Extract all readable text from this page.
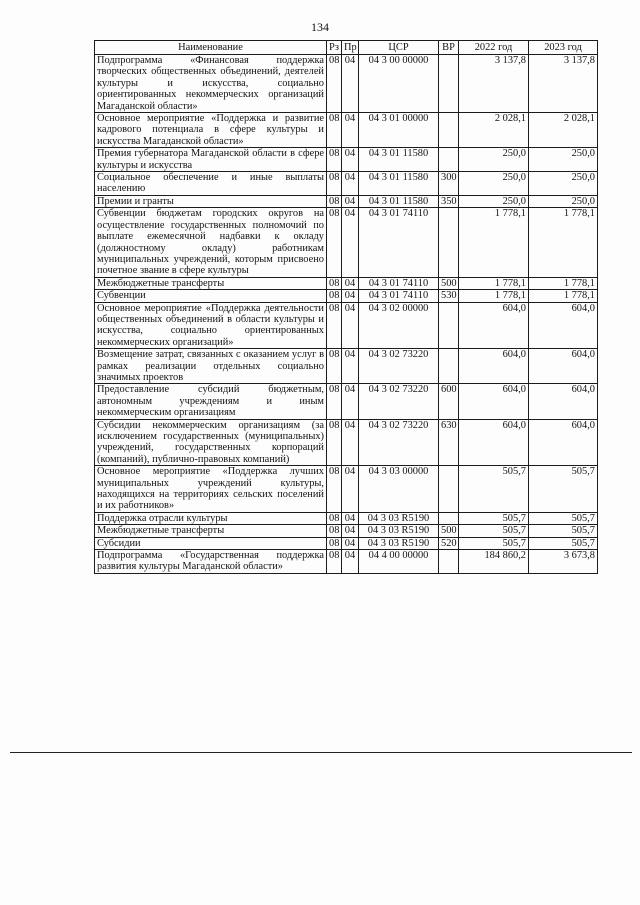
134
Наименование	Рз	Пр	ЦСР	ВР	2022 год	2023 год
Подпрограмма «Финансовая поддержка творческих общественных объединений, деятелей культуры и искусства, социально ориентированных некоммерческих организаций Магаданской области»	08	04	04 3 00 00000		3 137,8	3 137,8
Основное мероприятие «Поддержка и развитие кадрового потенциала в сфере культуры и искусства Магаданской области»	08	04	04 3 01 00000		2 028,1	2 028,1
Премия губернатора Магаданской области в сфере культуры и искусства	08	04	04 3 01 11580		250,0	250,0
Социальное обеспечение и иные выплаты населению	08	04	04 3 01 11580	300	250,0	250,0
Премии и гранты	08	04	04 3 01 11580	350	250,0	250,0
Субвенции бюджетам городских округов на осуществление государственных полномочий по выплате ежемесячной надбавки к окладу (должностному окладу) работникам муниципальных учреждений, которым присвоено почетное звание в сфере культуры	08	04	04 3 01 74110		1 778,1	1 778,1
Межбюджетные трансферты	08	04	04 3 01 74110	500	1 778,1	1 778,1
Субвенции	08	04	04 3 01 74110	530	1 778,1	1 778,1
Основное мероприятие «Поддержка деятельности общественных объединений в области культуры и искусства, социально ориентированных некоммерческих организаций»	08	04	04 3 02 00000		604,0	604,0
Возмещение затрат, связанных с оказанием услуг в рамках реализации отдельных социально значимых проектов	08	04	04 3 02 73220		604,0	604,0
Предоставление субсидий бюджетным, автономным учреждениям и иным некоммерческим организациям	08	04	04 3 02 73220	600	604,0	604,0
Субсидии некоммерческим организациям (за исключением государственных (муниципальных) учреждений, государственных корпораций (компаний), публично-правовых компаний)	08	04	04 3 02 73220	630	604,0	604,0
Основное мероприятие «Поддержка лучших муниципальных учреждений культуры, находящихся на территориях сельских поселений и их работников»	08	04	04 3 03 00000		505,7	505,7
Поддержка отрасли культуры	08	04	04 3 03 R5190		505,7	505,7
Межбюджетные трансферты	08	04	04 3 03 R5190	500	505,7	505,7
Субсидии	08	04	04 3 03 R5190	520	505,7	505,7
Подпрограмма «Государственная поддержка развития культуры Магаданской области»	08	04	04 4 00 00000		184 860,2	3 673,8
